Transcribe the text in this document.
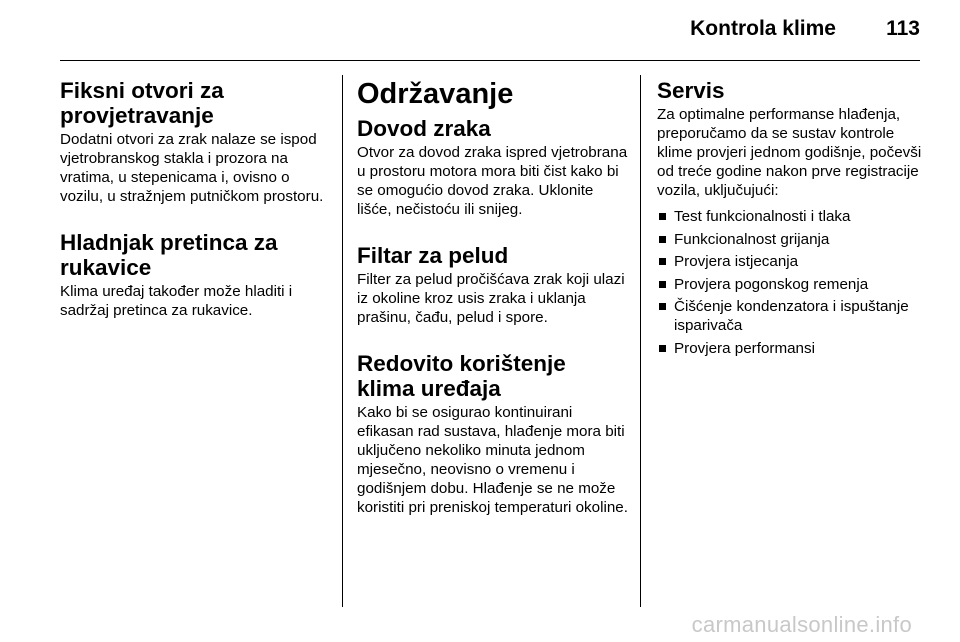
Kontrola klime 113
Fiksni otvori za provjetravanje

Dodatni otvori za zrak nalaze se ispod vjetrobranskog stakla i prozora na vratima, u stepenicama i, ovisno o vozilu, u stražnjem putničkom prostoru.

Hladnjak pretinca za rukavice

Klima uređaj također može hladiti i sadržaj pretinca za rukavice.

Održavanje
Dovod zraka

Otvor za dovod zraka ispred vjetrobrana u prostoru motora mora biti čist kako bi se omogućio dovod zraka. Uklonite lišće, nečistoću ili snijeg.

Filtar za pelud

Filter za pelud pročišćava zrak koji ulazi iz okoline kroz usis zraka i uklanja prašinu, čađu, pelud i spore.

Redovito korištenje klima uređaja

Kako bi se osigurao kontinuirani efikasan rad sustava, hlađenje mora biti uključeno nekoliko minuta jednom mjesečno, neovisno o vremenu i godišnjem dobu. Hlađenje se ne može koristiti pri preniskoj temperaturi okoline.

Servis

Za optimalne performanse hlađenja, preporučamo da se sustav kontrole klime provjeri jednom godišnje, počevši od treće godine nakon prve registracije vozila, uključujući:

Test funkcionalnosti i tlaka
Funkcionalnost grijanja
Provjera istjecanja
Provjera pogonskog remenja
Čišćenje kondenzatora i ispuštanje isparivača
Provjera performansi
carmanualsonline.info
